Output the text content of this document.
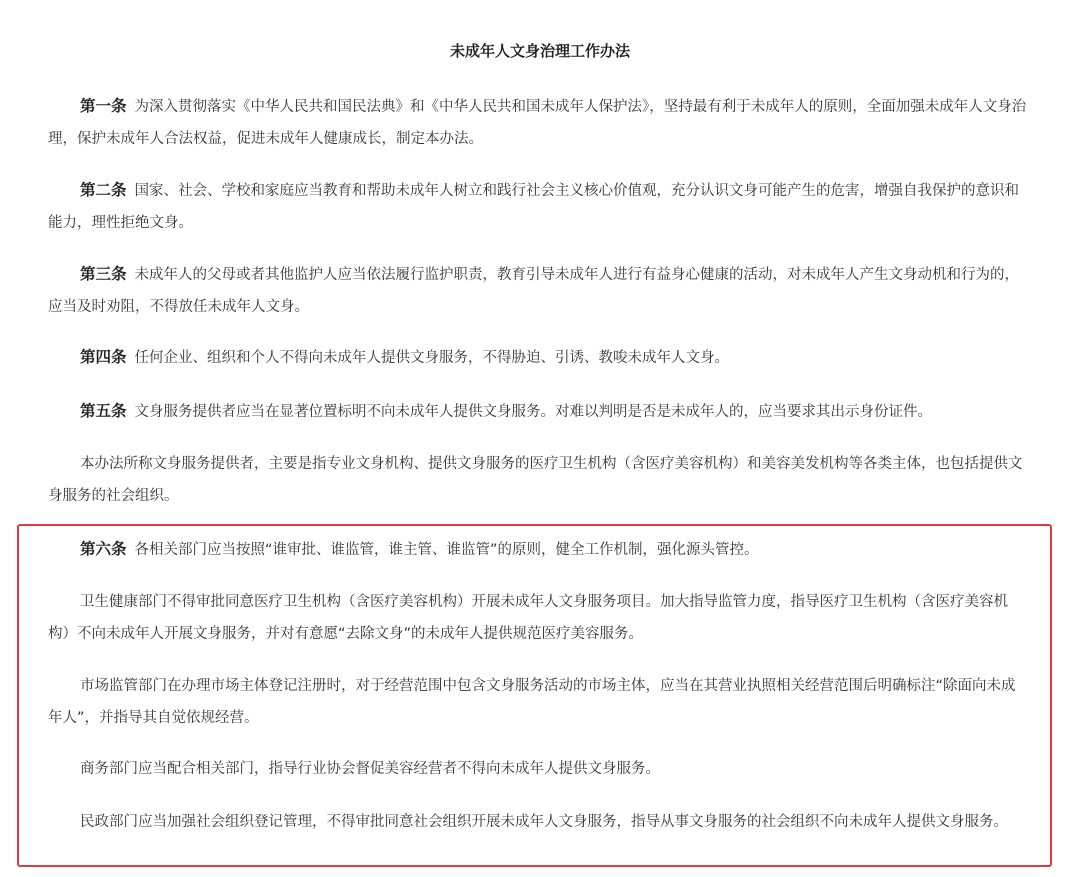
未成年人文身治理工作办法

第一条 为深入贯彻落实《中华人民共和国民法典》和《中华人民共和国未成年人保护法》，坚持最有利于未成年人的原则，全面加强未成年人文身治理，保护未成年人合法权益，促进未成年人健康成长，制定本办法。

第二条 国家、社会、学校和家庭应当教育和帮助未成年人树立和践行社会主义核心价值观，充分认识文身可能产生的危害，增强自我保护的意识和能力，理性拒绝文身。

第三条 未成年人的父母或者其他监护人应当依法履行监护职责，教育引导未成年人进行有益身心健康的活动，对未成年人产生文身动机和行为的，应当及时劝阻，不得放任未成年人文身。

第四条 任何企业、组织和个人不得向未成年人提供文身服务，不得胁迫、引诱、教唆未成年人文身。

第五条 文身服务提供者应当在显著位置标明不向未成年人提供文身服务。对难以判明是否是未成年人的，应当要求其出示身份证件。

本办法所称文身服务提供者，主要是指专业文身机构、提供文身服务的医疗卫生机构（含医疗美容机构）和美容美发机构等各类主体，也包括提供文身服务的社会组织。

第六条 各相关部门应当按照“谁审批、谁监管，谁主管、谁监管”的原则，健全工作机制，强化源头管控。

卫生健康部门不得审批同意医疗卫生机构（含医疗美容机构）开展未成年人文身服务项目。加大指导监管力度，指导医疗卫生机构（含医疗美容机构）不向未成年人开展文身服务，并对有意愿“去除文身”的未成年人提供规范医疗美容服务。

市场监管部门在办理市场主体登记注册时，对于经营范围中包含文身服务活动的市场主体，应当在其营业执照相关经营范围后明确标注“除面向未成年人”，并指导其自觉依规经营。

商务部门应当配合相关部门，指导行业协会督促美容经营者不得向未成年人提供文身服务。

民政部门应当加强社会组织登记管理，不得审批同意社会组织开展未成年人文身服务，指导从事文身服务的社会组织不向未成年人提供文身服务。
